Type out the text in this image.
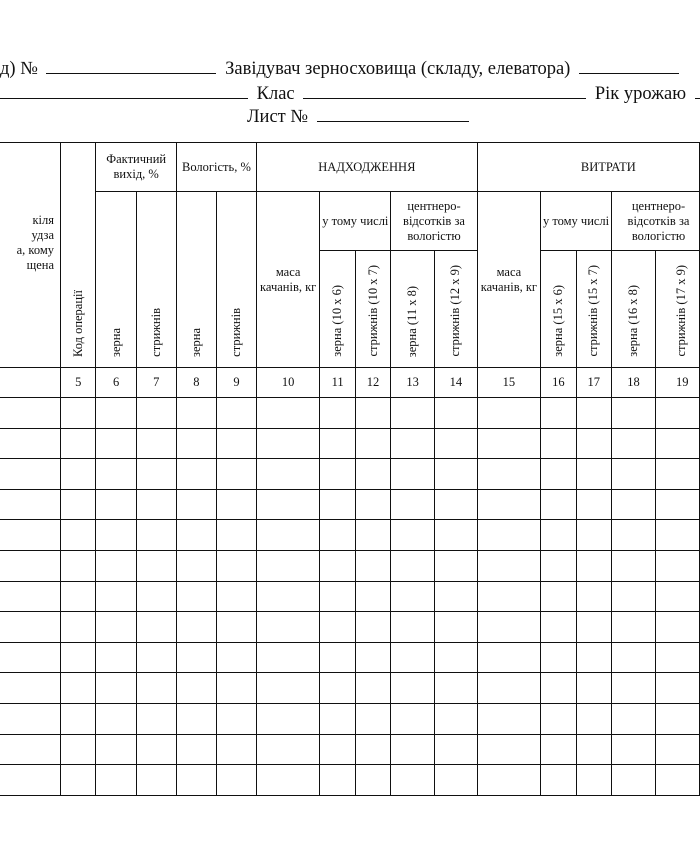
д) №	Завідувач зерносховища (складу, елеватора)
Клас	Рік урожаю
Лист №
кіля
удза
а, кому
щена	Код операції	Фактичний вихід, %		Вологість, %		НАДХОДЖЕННЯ					ВИТРАТИ				
		зерна	стрижнів	зерна	стрижнів	маса качанів, кг	у тому числі		центнеро-відсотків за вологістю		маса качанів, кг	у тому числі		центнеро-відсотків за вологістю	
							зерна (10 х 6)	стрижнів (10 х 7)	зерна (11 х 8)	стрижнів (12 х 9)		зерна (15 х 6)	стрижнів (15 х 7)	зерна (16 х 8)	стрижнів (17 х 9)
	5	6	7	8	9	10	11	12	13	14	15	16	17	18	19
